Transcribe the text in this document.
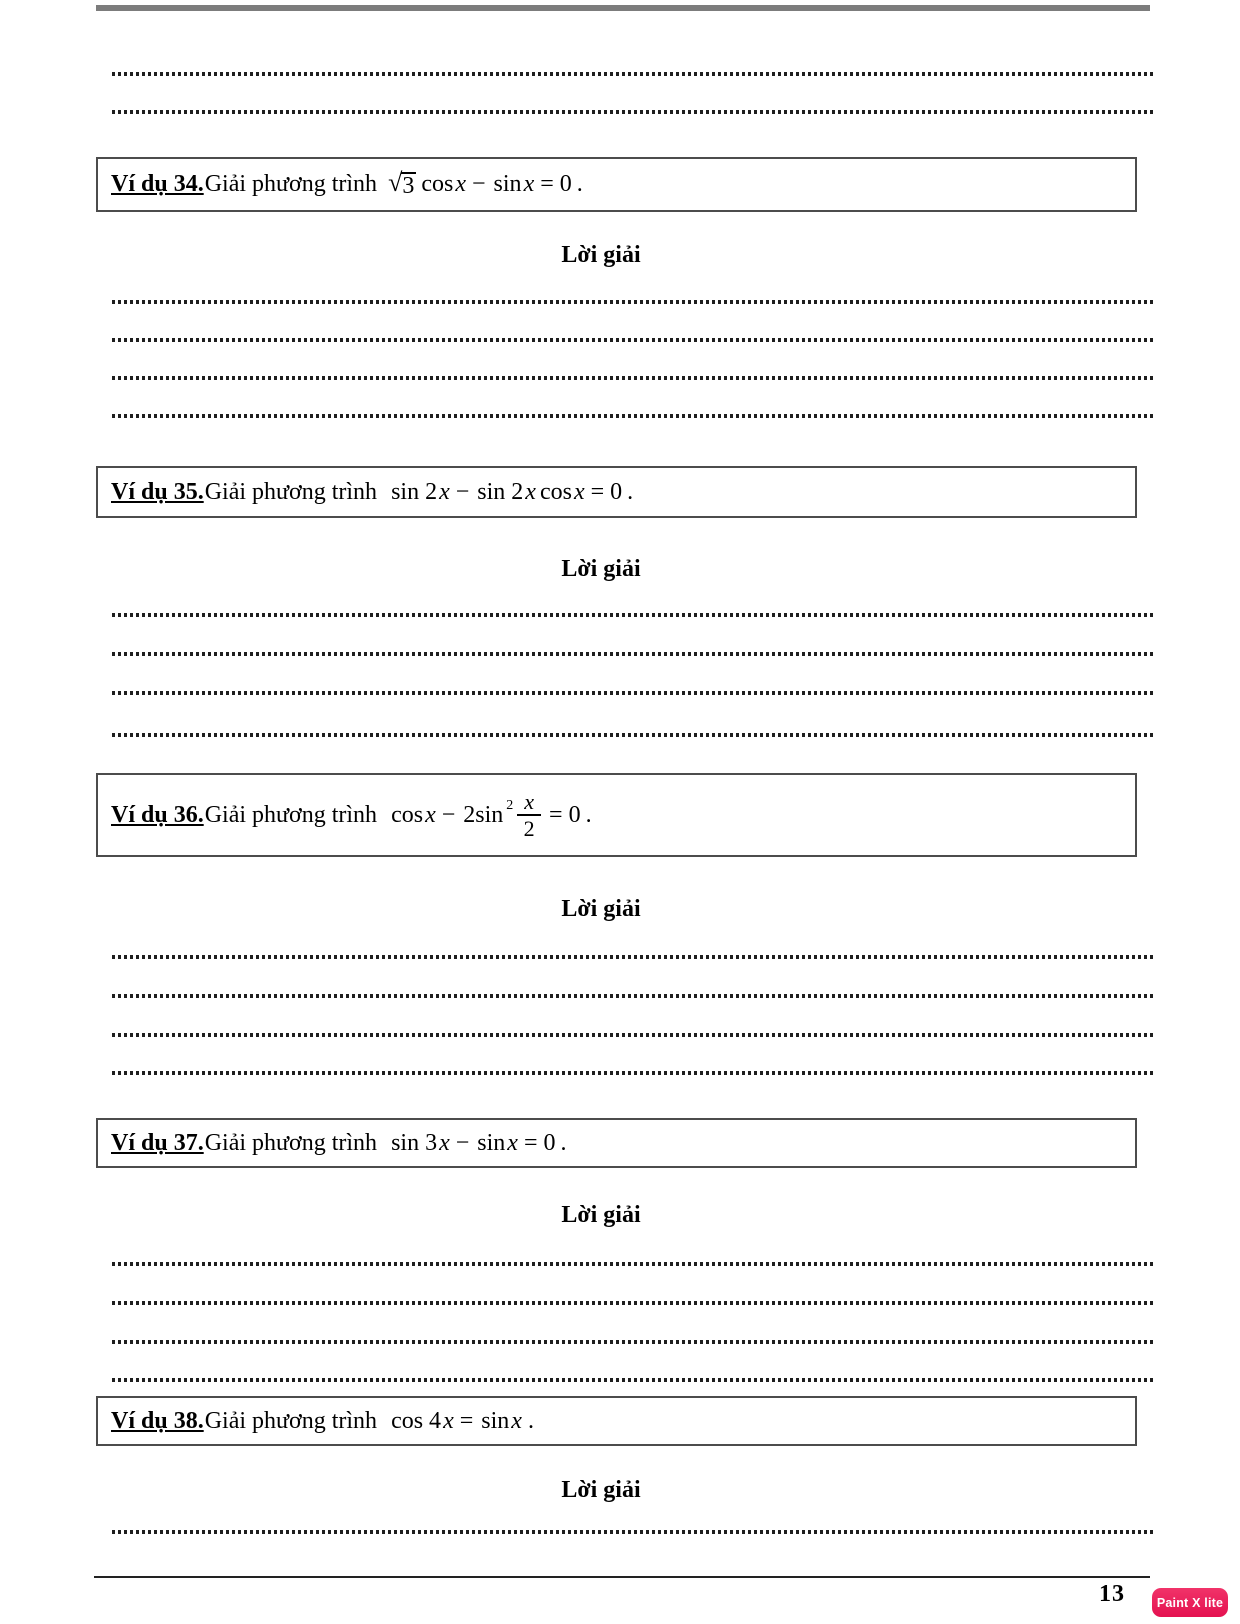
Ví dụ 34. Giải phương trình √ 3 cos x − sin x = 0 .
Lời giải
Ví dụ 35. Giải phương trình sin 2 x − sin 2 x cos x = 0 .
Lời giải
Ví dụ 36. Giải phương trình cos x − 2sin $2 \frac{x}{2} = 0$ .
Lời giải
Ví dụ 37. Giải phương trình sin 3 x − sin x = 0 .
Lời giải
Ví dụ 38. Giải phương trình cos 4 x = sin x .
Lời giải
13	Paint X lite
